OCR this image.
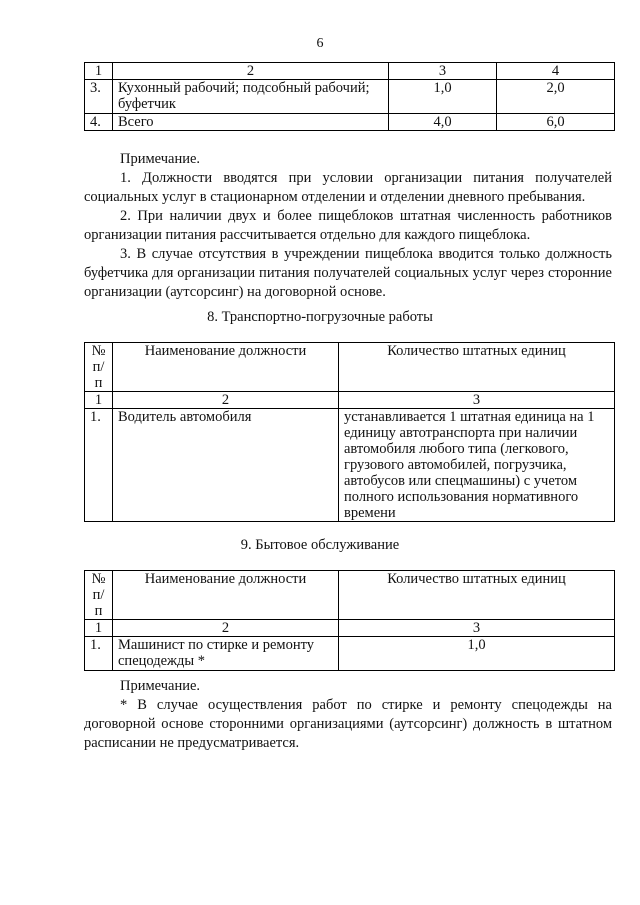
6
1	2	3	4
3.	Кухонный рабочий; подсобный рабочий; буфетчик	1,0	2,0
4.	Всего	4,0	6,0

Примечание.

1. Должности вводятся при условии организации питания получателей социальных услуг в стационарном отделении и отделении дневного пребывания.

2. При наличии двух и более пищеблоков штатная численность работников организации питания рассчитывается отдельно для каждого пищеблока.

3. В случае отсутствия в учреждении пищеблока вводится только должность буфетчика для организации питания получателей социальных услуг через сторонние организации (аутсорсинг) на договорной основе.

8. Транспортно-погрузочные работы
№ п/п	Наименование должности	Количество штатных единиц
1	2	3
1.	Водитель автомобиля	устанавливается 1 штатная единица на 1 единицу автотранспорта при наличии автомобиля любого типа (легкового, грузового автомобилей, погрузчика, автобусов или спецмашины) с учетом полного использования нормативного времени
9. Бытовое обслуживание
№ п/п	Наименование должности	Количество штатных единиц
1	2	3
1.	Машинист по стирке и ремонту спецодежды *	1,0

Примечание.

* В случае осуществления работ по стирке и ремонту спецодежды на договорной основе сторонними организациями (аутсорсинг) должность в штатном расписании не предусматривается.
